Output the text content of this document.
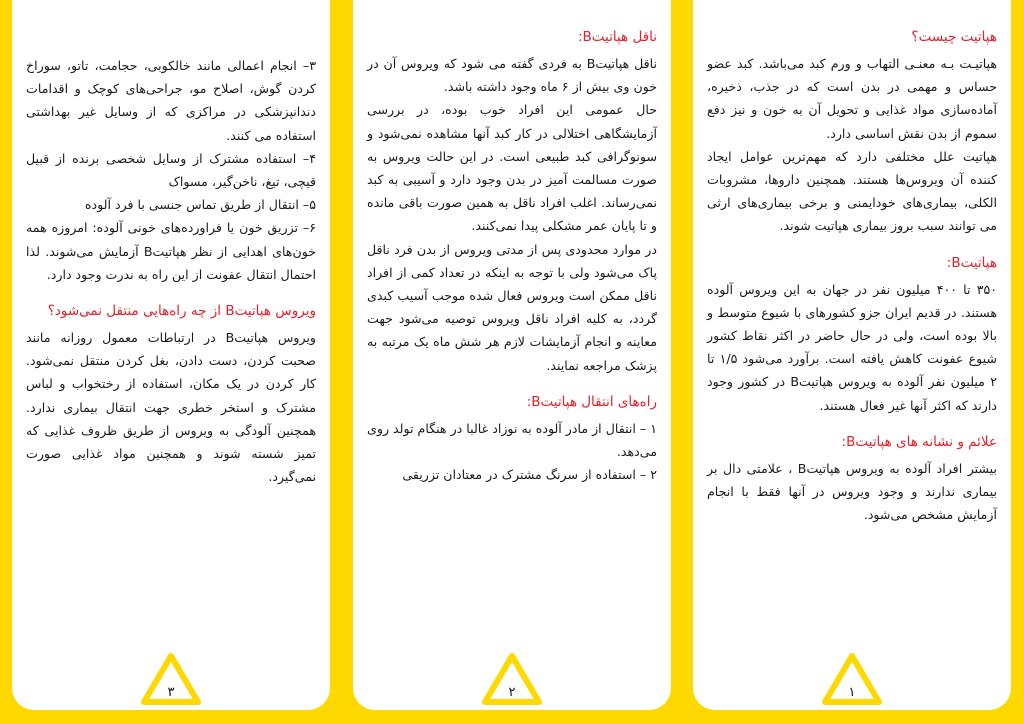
هپاتیت چیست؟

هپاتیـت بـه معنـی التهاب و ورم کبد می‌باشد. کبد عضو حساس و مهمی در بدن است که در جذب، ذخیره، آماده‌سازی مواد غذایی و تحویل آن به خون و نیز دفع سموم از بدن نقش اساسی دارد.

هپاتیت علل مختلفی دارد که مهم‌ترین عوامل ایجاد کننده آن ویروس‌ها هستند. همچنین داروها، مشروبات الکلی، بیماری‌های خودایمنی و برخی بیماری‌های ارثی می توانند سبب بروز بیماری هپاتیت شوند.

هپاتیتB:

۳۵۰ تا ۴۰۰ میلیون نفر در جهان به این ویروس آلوده هستند. در قدیم ایران جزو کشورهای با شیوع متوسط و بالا بوده است، ولی در حال حاضر در اکثر نقاط کشور شیوع عفونت کاهش یافته است. برآورد می‌شود ۱/۵ تا ۲ میلیون نفر آلوده به ویروس هپاتیتB در کشور وجود دارند که اکثر آنها غیر فعال هستند.

علائم و نشانه های هپاتیتB:

بیشتر افراد آلوده به ویروس هپاتیتB ، علامتی دال بر بیماری ندارند و وجود ویروس در آنها فقط با انجام آزمایش مشخص می‌شود.

۱
ناقل هپاتیتB:

ناقل هپاتیتB به فردی گفته می شود که ویروس آن در خون وی بیش از ۶ ماه وجود داشته باشد.

حال عمومی این افراد خوب بوده، در بررسی آزمایشگاهی اختلالی در کار کبد آنها مشاهده نمی‌شود و سونوگرافی کبد طبیعی است. در این حالت ویروس به صورت مسالمت آمیز در بدن وجود دارد و آسیبی به کبد نمی‌رساند. اغلب افراد ناقل به همین صورت باقی مانده و تا پایان عمر مشکلی پیدا نمی‌کنند.

در موارد محدودی پس از مدتی ویروس از بدن فرد ناقل پاک می‌شود ولی با توجه به اینکه در تعداد کمی از افراد ناقل ممکن است ویروس فعال شده موجب آسیب کبدی گردد، به کلیه افراد ناقل ویروس توصیه می‌شود جهت معاینه و انجام آزمایشات لازم هر شش ماه یک مرتبه به پزشک مراجعه نمایند.

راه‌های انتقال هپاتیتB:

۱ – انتقال از مادر آلوده به نوزاد غالبا در هنگام تولد روی می‌دهد.

۲ – استفاده از سرنگ مشترک در معتادان تزریقی

۲

۳– انجام اعمالی مانند خالکوبی، حجامت، تاتو، سوراخ کردن گوش، اصلاح مو، جراحی‌های کوچک و اقدامات دندانپزشکی در مراکزی که از وسایل غیر بهداشتی استفاده می کنند.

۴– استفاده مشترک از وسایل شخصی برنده از قبیل قیچی، تیغ، ناخن‌گیر، مسواک

۵– انتقال از طریق تماس جنسی با فرد آلوده

۶– تزریق خون یا فراورده‌های خونی آلوده: امروزه همه خون‌های اهدایی از نظر هپاتیتB آزمایش می‌شوند. لذا احتمال انتقال عفونت از این راه به ندرت وجود دارد.

ویروس هپاتیتB از چه راه‌هایی منتقل نمی‌شود؟

ویروس هپاتیتB در ارتباطات معمول روزانه مانند صحبت کردن، دست دادن، بغل کردن منتقل نمی‌شود. کار کردن در یک مکان، استفاده از رختخواب و لباس مشترک و استخر خطری جهت انتقال بیماری ندارد. همچنین آلودگی به ویروس از طریق ظروف غذایی که تمیز شسته شوند و همچنین مواد غذایی صورت نمی‌گیرد.

۳
